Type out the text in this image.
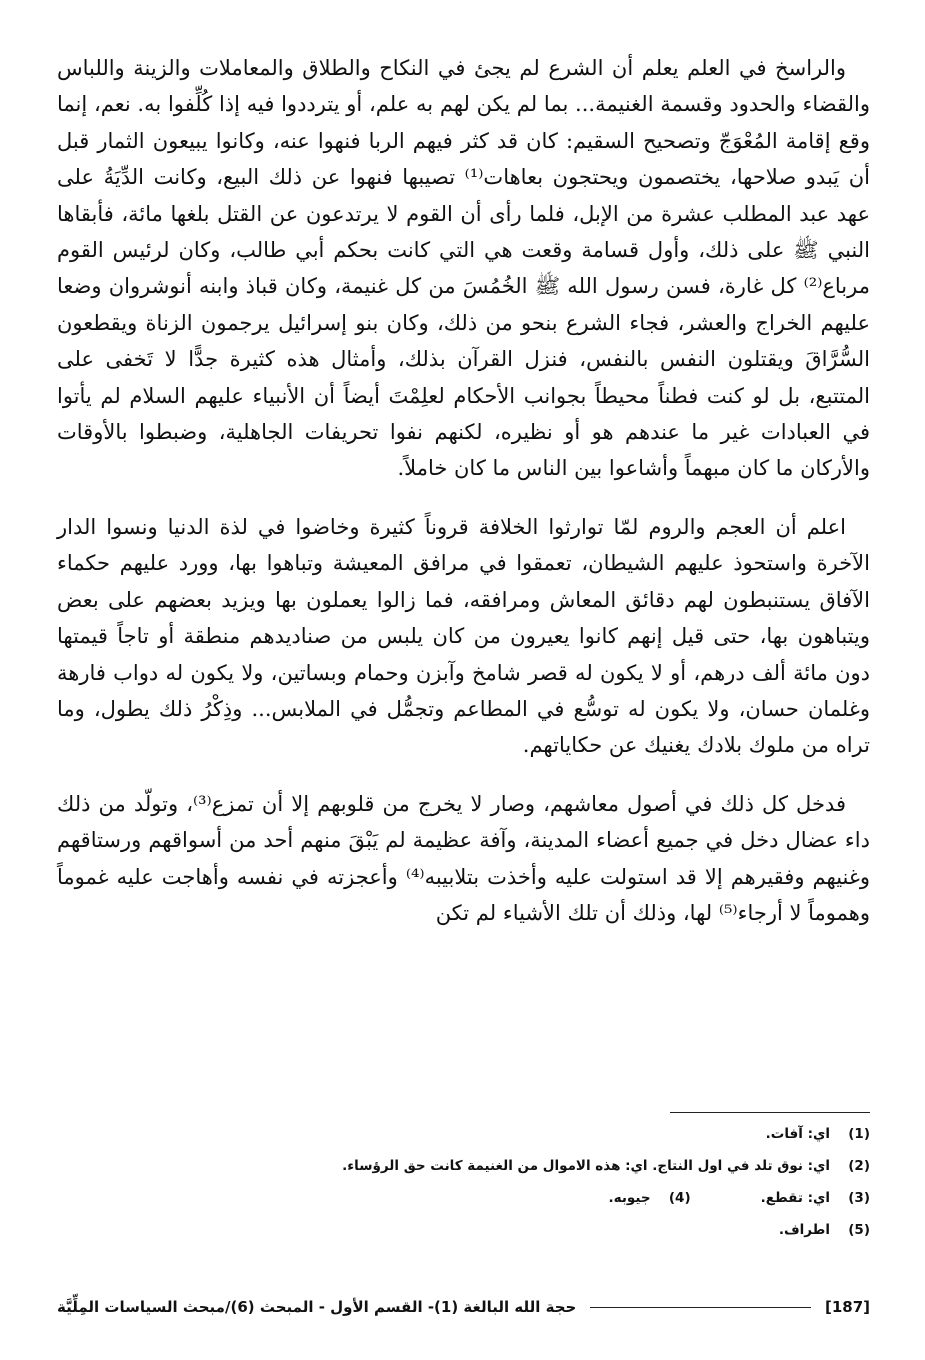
والراسخ في العلم يعلم أن الشرع لم يجئ في النكاح والطلاق والمعاملات والزينة واللباس والقضاء والحدود وقسمة الغنيمة... بما لم يكن لهم به علم، أو يترددوا فيه إذا كُلِّفوا به. نعم، إنما وقع إقامة المُعْوَجّ وتصحيح السقيم: كان قد كثر فيهم الربا فنهوا عنه، وكانوا يبيعون الثمار قبل أن يَبدو صلاحها، يختصمون ويحتجون بعاهات⁽¹⁾ تصيبها فنهوا عن ذلك البيع، وكانت الدِّيَةُ على عهد عبد المطلب عشرة من الإبل، فلما رأى أن القوم لا يرتدعون عن القتل بلغها مائة، فأبقاها النبي ﷺ على ذلك، وأول قسامة وقعت هي التي كانت بحكم أبي طالب، وكان لرئيس القوم مرباع⁽²⁾ كل غارة، فسن رسول الله ﷺ الخُمُسَ من كل غنيمة، وكان قباذ وابنه أنوشروان وضعا عليهم الخراج والعشر، فجاء الشرع بنحو من ذلك، وكان بنو إسرائيل يرجمون الزناة ويقطعون السُّرَّاقَ ويقتلون النفس بالنفس، فنزل القرآن بذلك، وأمثال هذه كثيرة جدًّا لا تَخفى على المتتبع، بل لو كنت فطناً محيطاً بجوانب الأحكام لعلِمْتَ أيضاً أن الأنبياء عليهم السلام لم يأتوا في العبادات غير ما عندهم هو أو نظيره، لكنهم نفوا تحريفات الجاهلية، وضبطوا بالأوقات والأركان ما كان مبهماً وأشاعوا بين الناس ما كان خاملاً.

اعلم أن العجم والروم لمّا توارثوا الخلافة قروناً كثيرة وخاضوا في لذة الدنيا ونسوا الدار الآخرة واستحوذ عليهم الشيطان، تعمقوا في مرافق المعيشة وتباهوا بها، وورد عليهم حكماء الآفاق يستنبطون لهم دقائق المعاش ومرافقه، فما زالوا يعملون بها ويزيد بعضهم على بعض ويتباهون بها، حتى قيل إنهم كانوا يعيرون من كان يلبس من صناديدهم منطقة أو تاجاً قيمتها دون مائة ألف درهم، أو لا يكون له قصر شامخ وآبزن وحمام وبساتين، ولا يكون له دواب فارهة وغلمان حسان، ولا يكون له توسُّع في المطاعم وتجمُّل في الملابس... وذِكْرُ ذلك يطول، وما تراه من ملوك بلادك يغنيك عن حكاياتهم.

فدخل كل ذلك في أصول معاشهم، وصار لا يخرج من قلوبهم إلا أن تمزع⁽³⁾، وتولّد من ذلك داء عضال دخل في جميع أعضاء المدينة، وآفة عظيمة لم يَبْقَ منهم أحد من أسواقهم ورستاقهم وغنيهم وفقيرهم إلا قد استولت عليه وأخذت بتلابيبه⁽⁴⁾ وأعجزته في نفسه وأهاجت عليه غموماً وهموماً لا أرجاء⁽⁵⁾ لها، وذلك أن تلك الأشياء لم تكن

(1)
اي: آفات.
(2)
اي: نوق تلد في اول النتاج. اي: هذه الاموال من الغنيمة كانت حق الرؤساء.
(3)
اي: تقطع.
(4)
جيوبه.
(5)
اطراف.
[187]
حجة الله البالغة (1)- القسم الأول - المبحث (6)/مبحث السياسات المِلِّيَّة
